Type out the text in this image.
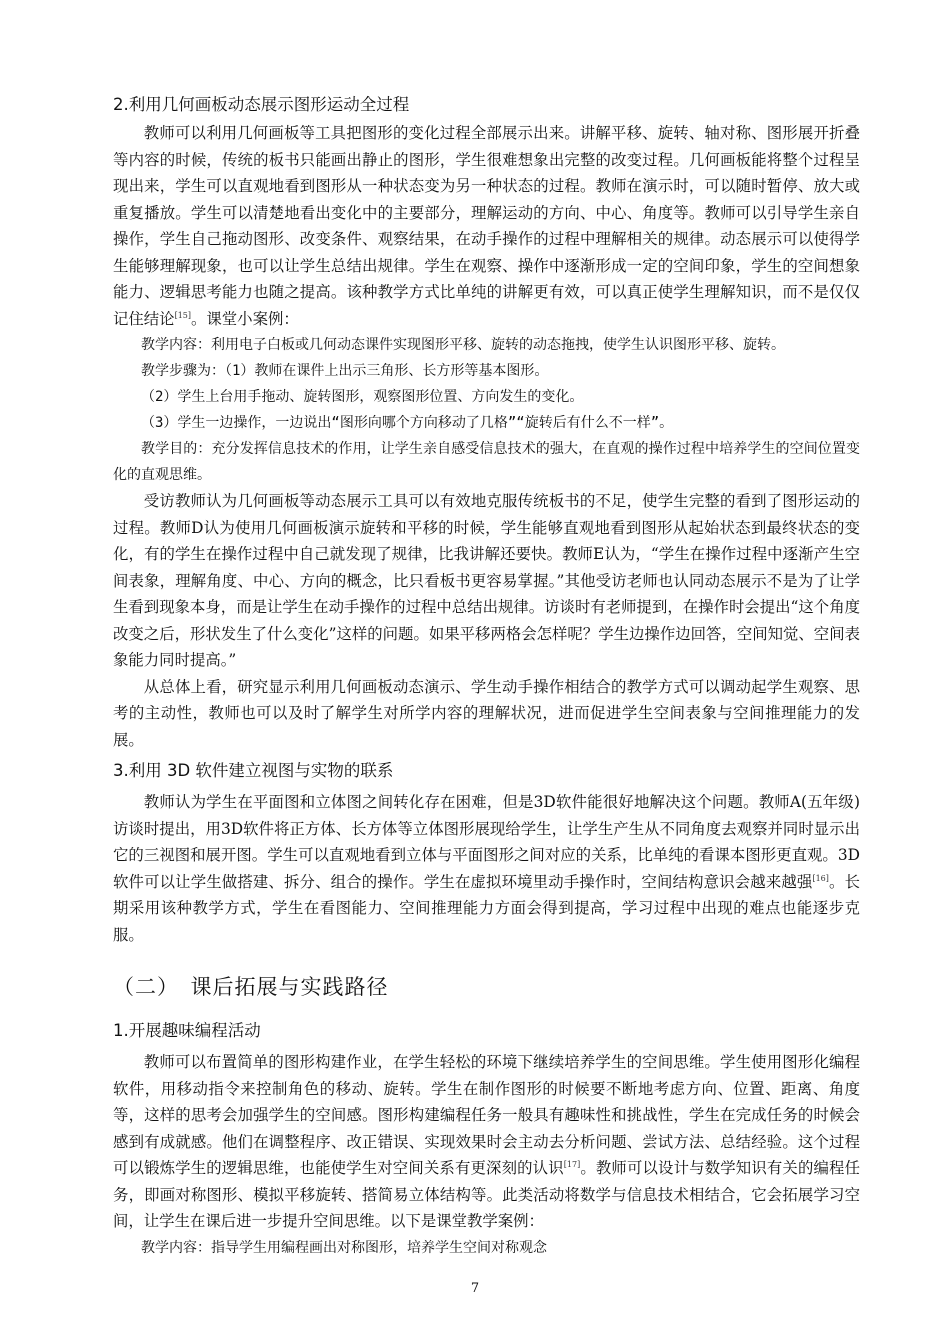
2.利用几何画板动态展示图形运动全过程

教师可以利用几何画板等工具把图形的变化过程全部展示出来。讲解平移、旋转、轴对称、图形展开折叠等内容的时候，传统的板书只能画出静止的图形，学生很难想象出完整的改变过程。几何画板能将整个过程呈现出来，学生可以直观地看到图形从一种状态变为另一种状态的过程。教师在演示时，可以随时暂停、放大或重复播放。学生可以清楚地看出变化中的主要部分，理解运动的方向、中心、角度等。教师可以引导学生亲自操作，学生自己拖动图形、改变条件、观察结果，在动手操作的过程中理解相关的规律。动态展示可以使得学生能够理解现象，也可以让学生总结出规律。学生在观察、操作中逐渐形成一定的空间印象，学生的空间想象能力、逻辑思考能力也随之提高。该种教学方式比单纯的讲解更有效，可以真正使学生理解知识，而不是仅仅记住结论[15]。课堂小案例：

教学内容：利用电子白板或几何动态课件实现图形平移、旋转的动态拖拽，使学生认识图形平移、旋转。

教学步骤为：（1）教师在课件上出示三角形、长方形等基本图形。

（2）学生上台用手拖动、旋转图形，观察图形位置、方向发生的变化。

（3）学生一边操作，一边说出“图形向哪个方向移动了几格”“旋转后有什么不一样”。

教学目的：充分发挥信息技术的作用，让学生亲自感受信息技术的强大，在直观的操作过程中培养学生的空间位置变化的直观思维。

受访教师认为几何画板等动态展示工具可以有效地克服传统板书的不足，使学生完整的看到了图形运动的过程。教师D认为使用几何画板演示旋转和平移的时候，学生能够直观地看到图形从起始状态到最终状态的变化，有的学生在操作过程中自己就发现了规律，比我讲解还要快。教师E认为，“学生在操作过程中逐渐产生空间表象，理解角度、中心、方向的概念，比只看板书更容易掌握。”其他受访老师也认同动态展示不是为了让学生看到现象本身，而是让学生在动手操作的过程中总结出规律。访谈时有老师提到，在操作时会提出“这个角度改变之后，形状发生了什么变化”这样的问题。如果平移两格会怎样呢？学生边操作边回答，空间知觉、空间表象能力同时提高。”

从总体上看，研究显示利用几何画板动态演示、学生动手操作相结合的教学方式可以调动起学生观察、思考的主动性，教师也可以及时了解学生对所学内容的理解状况，进而促进学生空间表象与空间推理能力的发展。

3.利用 3D 软件建立视图与实物的联系

教师认为学生在平面图和立体图之间转化存在困难，但是3D软件能很好地解决这个问题。教师A(五年级)访谈时提出，用3D软件将正方体、长方体等立体图形展现给学生，让学生产生从不同角度去观察并同时显示出它的三视图和展开图。学生可以直观地看到立体与平面图形之间对应的关系，比单纯的看课本图形更直观。3D软件可以让学生做搭建、拆分、组合的操作。学生在虚拟环境里动手操作时，空间结构意识会越来越强[16]。长期采用该种教学方式，学生在看图能力、空间推理能力方面会得到提高，学习过程中出现的难点也能逐步克服。

（二）　课后拓展与实践路径
1.开展趣味编程活动

教师可以布置简单的图形构建作业，在学生轻松的环境下继续培养学生的空间思维。学生使用图形化编程软件，用移动指令来控制角色的移动、旋转。学生在制作图形的时候要不断地考虑方向、位置、距离、角度等，这样的思考会加强学生的空间感。图形构建编程任务一般具有趣味性和挑战性，学生在完成任务的时候会感到有成就感。他们在调整程序、改正错误、实现效果时会主动去分析问题、尝试方法、总结经验。这个过程可以锻炼学生的逻辑思维，也能使学生对空间关系有更深刻的认识[17]。教师可以设计与数学知识有关的编程任务，即画对称图形、模拟平移旋转、搭简易立体结构等。此类活动将数学与信息技术相结合，它会拓展学习空间，让学生在课后进一步提升空间思维。以下是课堂教学案例：

教学内容：指导学生用编程画出对称图形，培养学生空间对称观念

7
